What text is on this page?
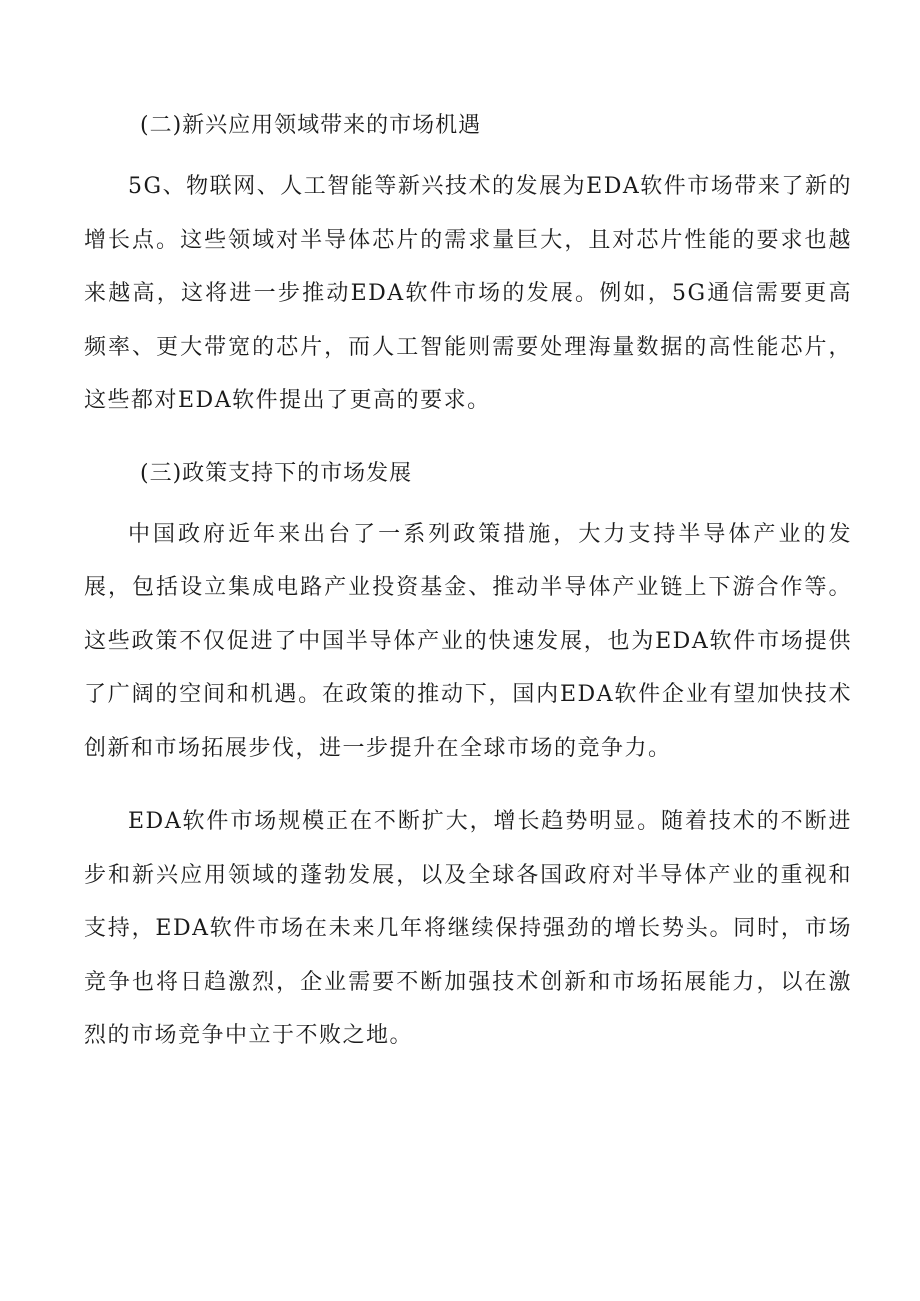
(二)新兴应用领域带来的市场机遇

5G、物联网、人工智能等新兴技术的发展为EDA软件市场带来了新的增长点。这些领域对半导体芯片的需求量巨大，且对芯片性能的要求也越来越高，这将进一步推动EDA软件市场的发展。例如，5G通信需要更高频率、更大带宽的芯片，而人工智能则需要处理海量数据的高性能芯片，这些都对EDA软件提出了更高的要求。

(三)政策支持下的市场发展

中国政府近年来出台了一系列政策措施，大力支持半导体产业的发展，包括设立集成电路产业投资基金、推动半导体产业链上下游合作等。这些政策不仅促进了中国半导体产业的快速发展，也为EDA软件市场提供了广阔的空间和机遇。在政策的推动下，国内EDA软件企业有望加快技术创新和市场拓展步伐，进一步提升在全球市场的竞争力。

EDA软件市场规模正在不断扩大，增长趋势明显。随着技术的不断进步和新兴应用领域的蓬勃发展，以及全球各国政府对半导体产业的重视和支持，EDA软件市场在未来几年将继续保持强劲的增长势头。同时，市场竞争也将日趋激烈，企业需要不断加强技术创新和市场拓展能力，以在激烈的市场竞争中立于不败之地。
